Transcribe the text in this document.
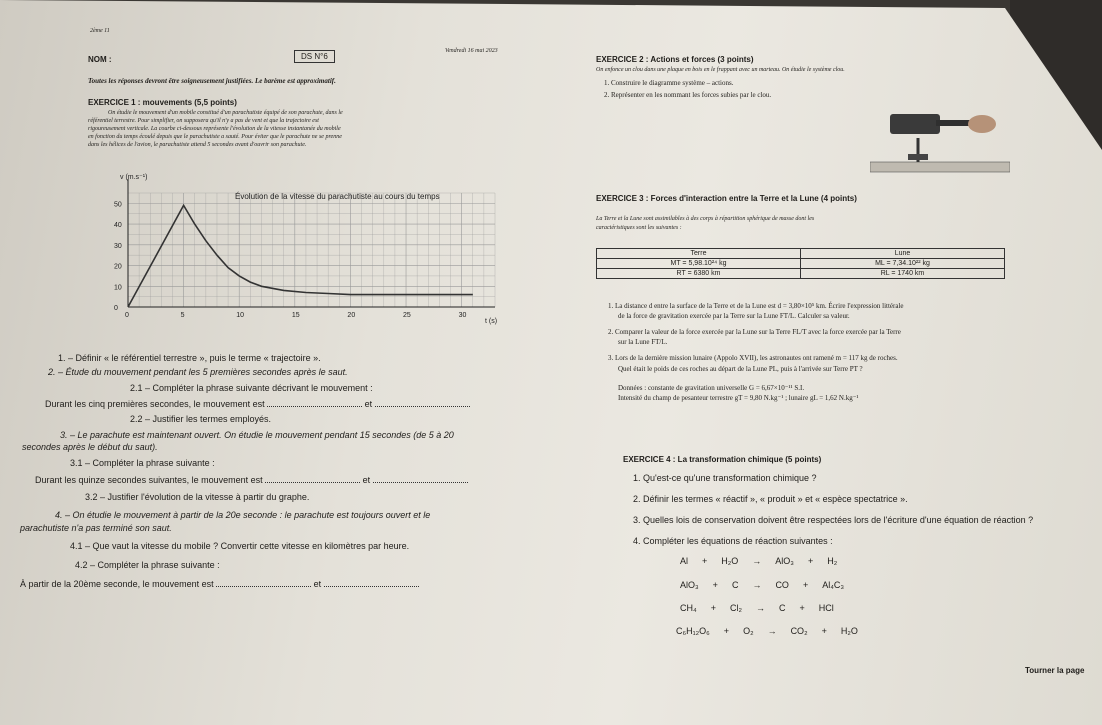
2ème 11
NOM :	DS N°6
Vendredi 16 mai 2023
Toutes les réponses devront être soigneusement justifiées. Le barème est approximatif.
EXERCICE 1 : mouvements (5,5 points)
On étudie le mouvement d'un mobile constitué d'un parachutiste équipé de son parachute, dans le
référentiel terrestre. Pour simplifier, on supposera qu'il n'y a pas de vent et que la trajectoire est
rigoureusement verticale. La courbe ci-dessous représente l'évolution de la vitesse instantanée du mobile
en fonction du temps écoulé depuis que le parachutiste a sauté. Pour éviter que le parachute ne se prenne
dans les hélices de l'avion, le parachutiste attend 5 secondes avant d'ouvrir son parachute.
0	5	10	15	20	25	30
0
10
20
30
40
50
Évolution de la vitesse du parachutiste au cours du temps
v (m.s⁻¹)
t (s)
1. – Définir « le référentiel terrestre », puis le terme « trajectoire ».
2. – Étude du mouvement pendant les 5 premières secondes après le saut.
2.1 – Compléter la phrase suivante décrivant le mouvement :
Durant les cinq premières secondes, le mouvement est	et
2.2 – Justifier les termes employés.
3. – Le parachute est maintenant ouvert. On étudie le mouvement pendant 15 secondes (de 5 à 20
secondes après le début du saut).
3.1 – Compléter la phrase suivante :
Durant les quinze secondes suivantes, le mouvement est	et
3.2 – Justifier l'évolution de la vitesse à partir du graphe.
4. – On étudie le mouvement à partir de la 20e seconde : le parachute est toujours ouvert et le
parachutiste n'a pas terminé son saut.
4.1 – Que vaut la vitesse du mobile ? Convertir cette vitesse en kilomètres par heure.
4.2 – Compléter la phrase suivante :
À partir de la 20ème seconde, le mouvement est	et
EXERCICE 2 : Actions et forces (3 points)
On enfonce un clou dans une plaque en bois en le frappant avec un marteau. On étudie le système clou.
1. Construire le diagramme système – actions.
2. Représenter en les nommant les forces subies par le clou.
EXERCICE 3 : Forces d'interaction entre la Terre et la Lune (4 points)
La Terre et la Lune sont assimilables à des corps à répartition sphérique de masse dont les
caractéristiques sont les suivantes :
Terre	Lune
MT = 5,98.10²⁴ kg	ML = 7,34.10²² kg
RT = 6380 km	RL = 1740 km
1. La distance d entre la surface de la Terre et de la Lune est d = 3,80×10⁵ km. Écrire l'expression littérale
de la force de gravitation exercée par la Terre sur la Lune FT/L. Calculer sa valeur.
2. Comparer la valeur de la force exercée par la Lune sur la Terre FL/T avec la force exercée par la Terre
sur la Lune FT/L.
3. Lors de la dernière mission lunaire (Appolo XVII), les astronautes ont ramené m = 117 kg de roches.
Quel était le poids de ces roches au départ de la Lune PL, puis à l'arrivée sur Terre PT ?
Données : constante de gravitation universelle G = 6,67×10⁻¹¹ S.I.
Intensité du champ de pesanteur terrestre gT = 9,80 N.kg⁻¹ ; lunaire gL = 1,62 N.kg⁻¹
EXERCICE 4 : La transformation chimique (5 points)
1. Qu'est-ce qu'une transformation chimique ?
2. Définir les termes « réactif », « produit » et « espèce spectatrice ».
3. Quelles lois de conservation doivent être respectées lors de l'écriture d'une équation de réaction ?
4. Compléter les équations de réaction suivantes :
Al + H₂O → AlO₃ + H₂
AlO₃ + C → CO + Al₄C₃
CH₄ + Cl₂ → C + HCl
C₆H₁₂O₆ + O₂ → CO₂ + H₂O
Tourner la page
